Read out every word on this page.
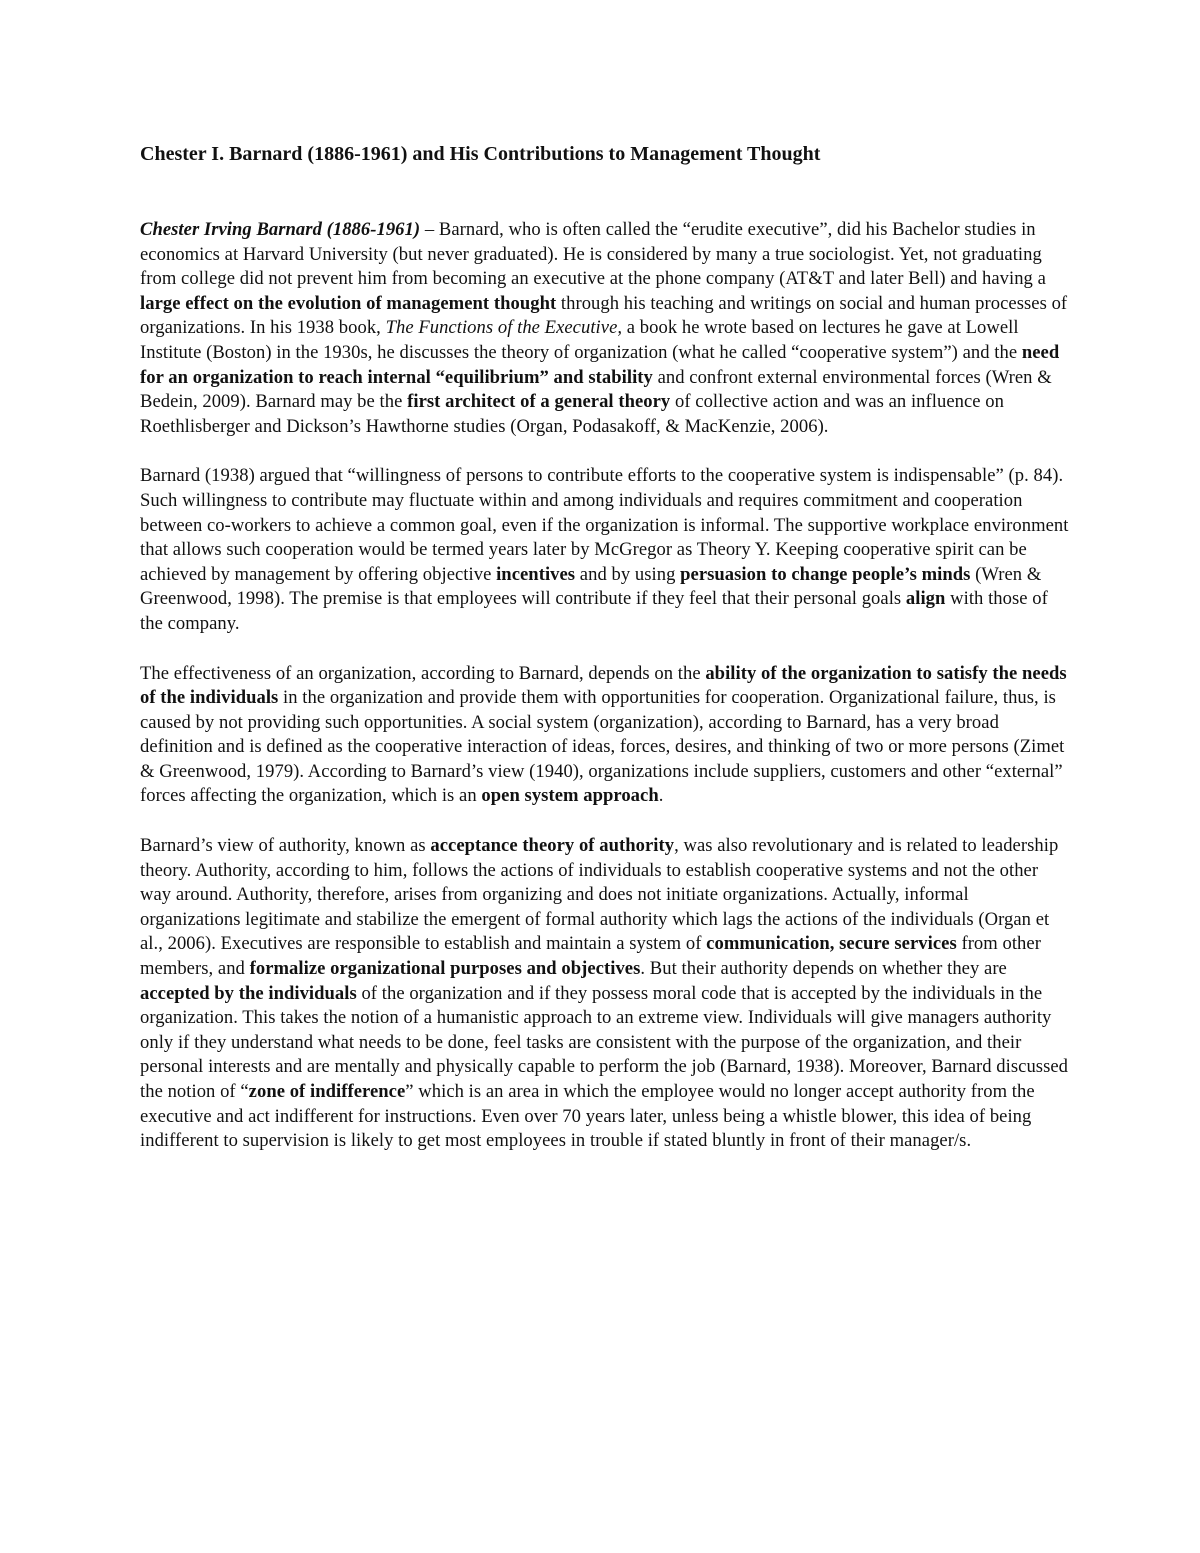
Chester I. Barnard (1886-1961) and His Contributions to Management Thought

Chester Irving Barnard (1886-1961) – Barnard, who is often called the “erudite executive”, did his Bachelor studies in economics at Harvard University (but never graduated). He is considered by many a true sociologist. Yet, not graduating from college did not prevent him from becoming an executive at the phone company (AT&T and later Bell) and having a large effect on the evolution of management thought through his teaching and writings on social and human processes of organizations. In his 1938 book, The Functions of the Executive, a book he wrote based on lectures he gave at Lowell Institute (Boston) in the 1930s, he discusses the theory of organization (what he called “cooperative system”) and the need for an organization to reach internal “equilibrium” and stability and confront external environmental forces (Wren & Bedein, 2009). Barnard may be the first architect of a general theory of collective action and was an influence on Roethlisberger and Dickson’s Hawthorne studies (Organ, Podasakoff, & MacKenzie, 2006).

Barnard (1938) argued that “willingness of persons to contribute efforts to the cooperative system is indispensable” (p. 84). Such willingness to contribute may fluctuate within and among individuals and requires commitment and cooperation between co-workers to achieve a common goal, even if the organization is informal. The supportive workplace environment that allows such cooperation would be termed years later by McGregor as Theory Y. Keeping cooperative spirit can be achieved by management by offering objective incentives and by using persuasion to change people’s minds (Wren & Greenwood, 1998). The premise is that employees will contribute if they feel that their personal goals align with those of the company.

The effectiveness of an organization, according to Barnard, depends on the ability of the organization to satisfy the needs of the individuals in the organization and provide them with opportunities for cooperation. Organizational failure, thus, is caused by not providing such opportunities. A social system (organization), according to Barnard, has a very broad definition and is defined as the cooperative interaction of ideas, forces, desires, and thinking of two or more persons (Zimet & Greenwood, 1979). According to Barnard’s view (1940), organizations include suppliers, customers and other “external” forces affecting the organization, which is an open system approach.

Barnard’s view of authority, known as acceptance theory of authority, was also revolutionary and is related to leadership theory. Authority, according to him, follows the actions of individuals to establish cooperative systems and not the other way around. Authority, therefore, arises from organizing and does not initiate organizations. Actually, informal organizations legitimate and stabilize the emergent of formal authority which lags the actions of the individuals (Organ et al., 2006). Executives are responsible to establish and maintain a system of communication, secure services from other members, and formalize organizational purposes and objectives. But their authority depends on whether they are accepted by the individuals of the organization and if they possess moral code that is accepted by the individuals in the organization. This takes the notion of a humanistic approach to an extreme view. Individuals will give managers authority only if they understand what needs to be done, feel tasks are consistent with the purpose of the organization, and their personal interests and are mentally and physically capable to perform the job (Barnard, 1938). Moreover, Barnard discussed the notion of “zone of indifference” which is an area in which the employee would no longer accept authority from the executive and act indifferent for instructions. Even over 70 years later, unless being a whistle blower, this idea of being indifferent to supervision is likely to get most employees in trouble if stated bluntly in front of their manager/s.
